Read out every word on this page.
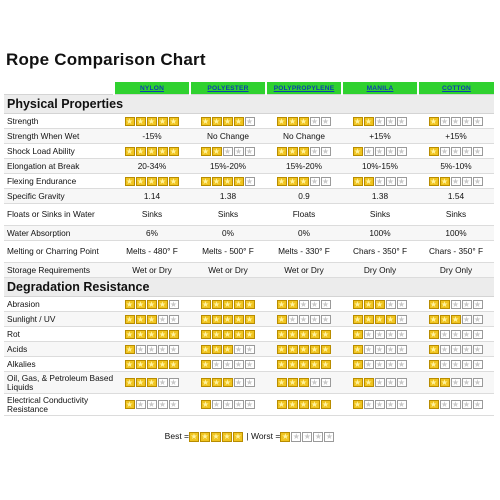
Rope Comparison Chart

	NYLON	POLYESTER	POLYPROPYLENE	MANILA	COTTON

Physical Properties					
Strength	★ ★ ★ ★ ★	★ ★ ★ ★ ★	★ ★ ★ ★ ★	★ ★ ★ ★ ★	★ ★ ★ ★ ★

Strength When Wet	-15%	No Change	No Change	+15%	+15%
Shock Load Ability	★ ★ ★ ★ ★	★ ★ ★ ★ ★	★ ★ ★ ★ ★	★ ★ ★ ★ ★	★ ★ ★ ★ ★

Elongation at Break	20-34%	15%-20%	15%-20%	10%-15%	5%-10%
Flexing Endurance	★ ★ ★ ★ ★	★ ★ ★ ★ ★	★ ★ ★ ★ ★	★ ★ ★ ★ ★	★ ★ ★ ★ ★

Specific Gravity	1.14	1.38	0.9	1.38	1.54
Floats or Sinks in Water	Sinks	Sinks	Floats	Sinks	Sinks
Water Absorption	6%	0%	0%	100%	100%
Melting or Charring Point	Melts - 480° F	Melts - 500° F	Melts - 330° F	Chars - 350° F	Chars - 350° F
Storage Requirements	Wet or Dry	Wet or Dry	Wet or Dry	Dry Only	Dry Only
Degradation Resistance					
Abrasion	★ ★ ★ ★ ★	★ ★ ★ ★ ★	★ ★ ★ ★ ★	★ ★ ★ ★ ★	★ ★ ★ ★ ★

Sunlight / UV	★ ★ ★ ★ ★	★ ★ ★ ★ ★	★ ★ ★ ★ ★	★ ★ ★ ★ ★	★ ★ ★ ★ ★

Rot	★ ★ ★ ★ ★	★ ★ ★ ★ ★	★ ★ ★ ★ ★	★ ★ ★ ★ ★	★ ★ ★ ★ ★

Acids	★ ★ ★ ★ ★	★ ★ ★ ★ ★	★ ★ ★ ★ ★	★ ★ ★ ★ ★	★ ★ ★ ★ ★

Alkalies	★ ★ ★ ★ ★	★ ★ ★ ★ ★	★ ★ ★ ★ ★	★ ★ ★ ★ ★	★ ★ ★ ★ ★

Oil, Gas, & Petroleum Based Liquids	★ ★ ★ ★ ★	★ ★ ★ ★ ★	★ ★ ★ ★ ★	★ ★ ★ ★ ★	★ ★ ★ ★ ★

Electrical Conductivity Resistance	★ ★ ★ ★ ★	★ ★ ★ ★ ★	★ ★ ★ ★ ★	★ ★ ★ ★ ★	★ ★ ★ ★ ★
Best = ★ ★ ★ ★ ★ | Worst = ★ ★ ★ ★ ★
